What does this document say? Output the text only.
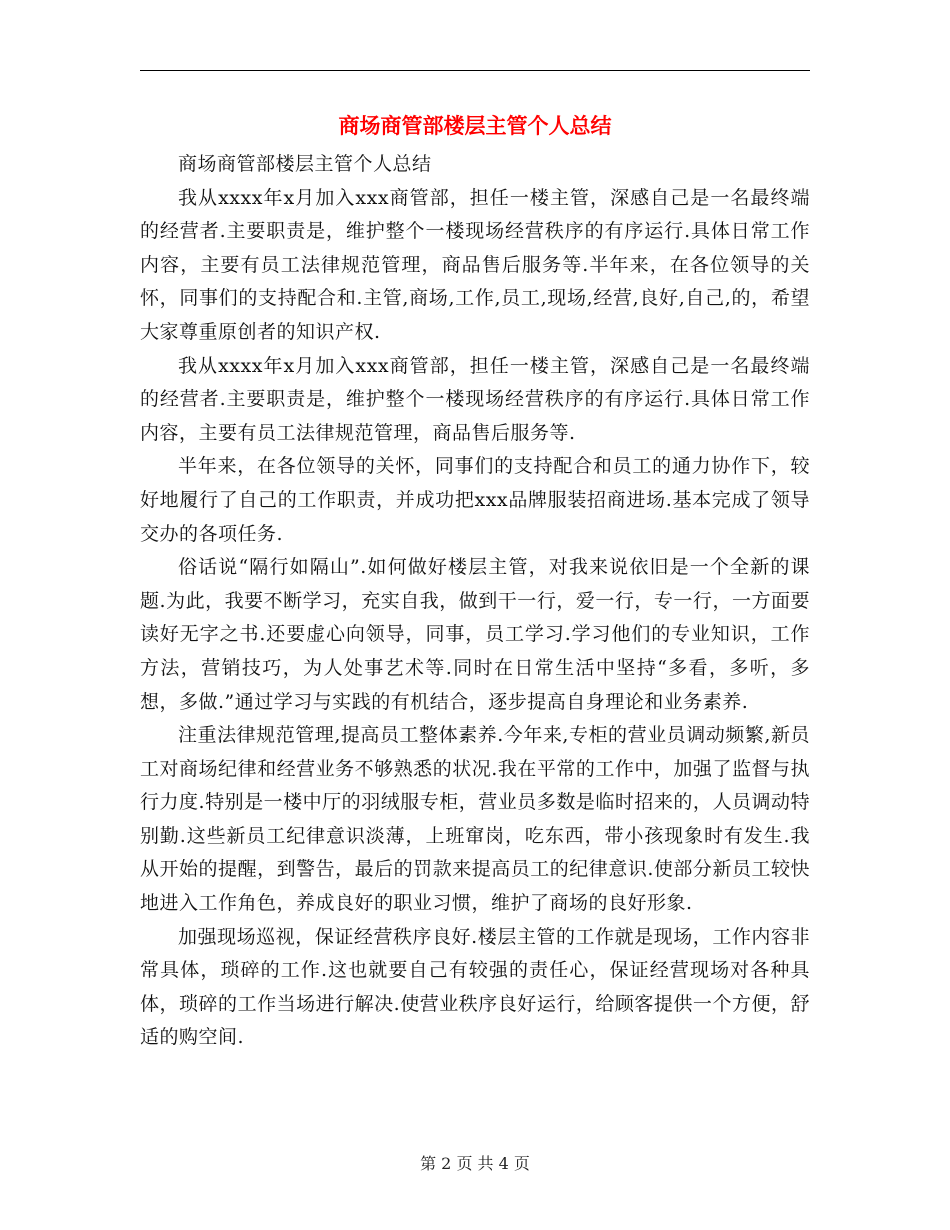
商场商管部楼层主管个人总结

商场商管部楼层主管个人总结

我从xxxx年x月加入xxx商管部，担任一楼主管，深感自己是一名最终端的经营者.主要职责是，维护整个一楼现场经营秩序的有序运行.具体日常工作内容，主要有员工法律规范管理，商品售后服务等.半年来，在各位领导的关怀，同事们的支持配合和.主管,商场,工作,员工,现场,经营,良好,自己,的，希望大家尊重原创者的知识产权.

我从xxxx年x月加入xxx商管部，担任一楼主管，深感自己是一名最终端的经营者.主要职责是，维护整个一楼现场经营秩序的有序运行.具体日常工作内容，主要有员工法律规范管理，商品售后服务等.

半年来，在各位领导的关怀，同事们的支持配合和员工的通力协作下，较好地履行了自己的工作职责，并成功把xxx品牌服装招商进场.基本完成了领导交办的各项任务.

俗话说“隔行如隔山”.如何做好楼层主管，对我来说依旧是一个全新的课题.为此，我要不断学习，充实自我，做到干一行，爱一行，专一行，一方面要读好无字之书.还要虚心向领导，同事，员工学习.学习他们的专业知识，工作方法，营销技巧，为人处事艺术等.同时在日常生活中坚持“多看，多听，多想，多做.”通过学习与实践的有机结合，逐步提高自身理论和业务素养.

注重法律规范管理,提高员工整体素养.今年来,专柜的营业员调动频繁,新员工对商场纪律和经营业务不够熟悉的状况.我在平常的工作中，加强了监督与执行力度.特别是一楼中厅的羽绒服专柜，营业员多数是临时招来的，人员调动特别勤.这些新员工纪律意识淡薄，上班窜岗，吃东西，带小孩现象时有发生.我从开始的提醒，到警告，最后的罚款来提高员工的纪律意识.使部分新员工较快地进入工作角色，养成良好的职业习惯，维护了商场的良好形象.

加强现场巡视，保证经营秩序良好.楼层主管的工作就是现场，工作内容非常具体，琐碎的工作.这也就要自己有较强的责任心，保证经营现场对各种具体，琐碎的工作当场进行解决.使营业秩序良好运行，给顾客提供一个方便，舒适的购空间.

第 2 页 共 4 页
